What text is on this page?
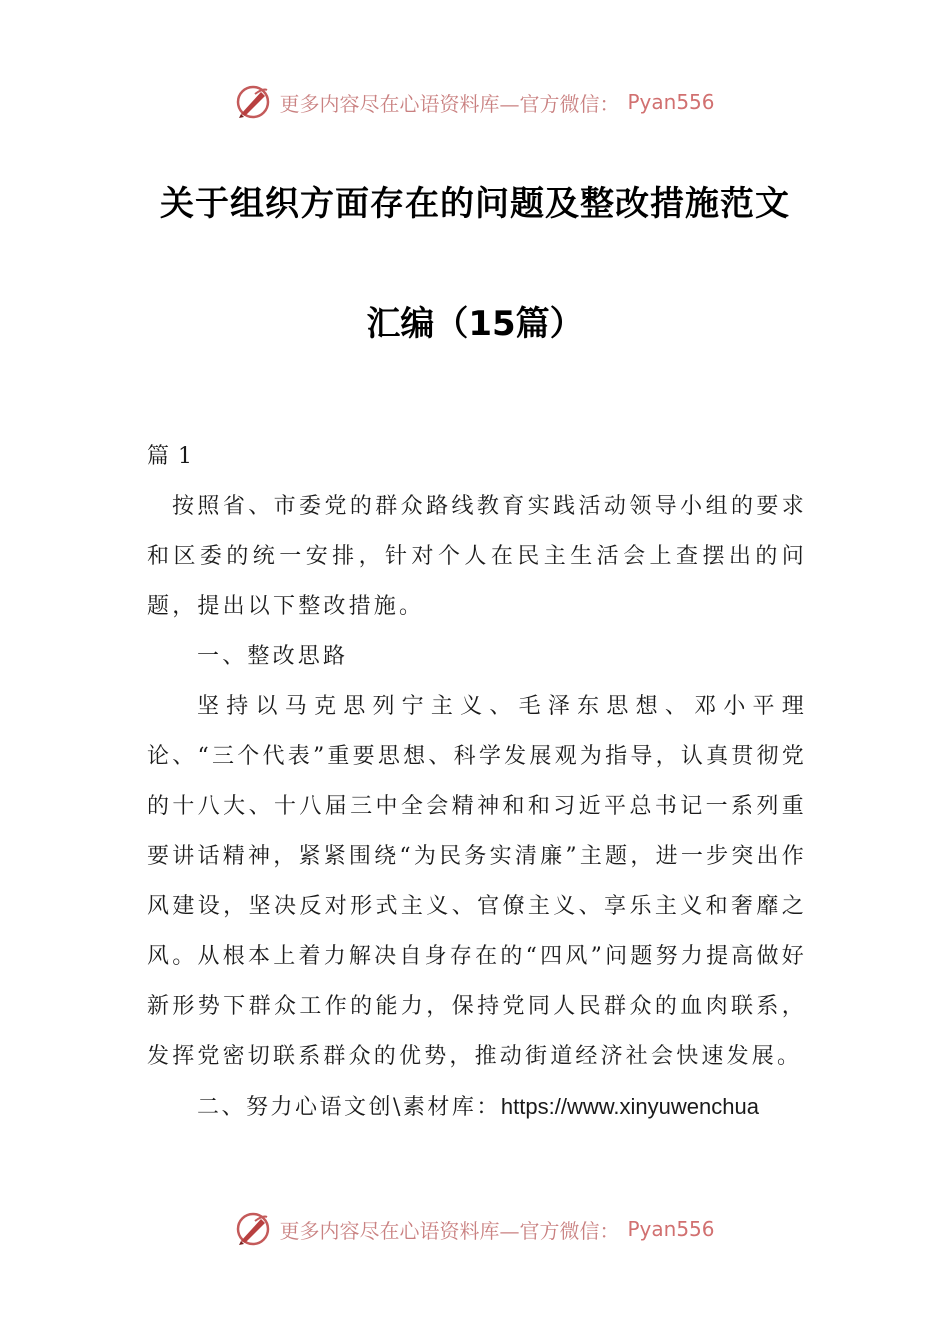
更多内容尽在心语资料库—官方微信： Pyan556
关于组织方面存在的问题及整改措施范文
汇编（15篇）

篇 1

按照省、市委党的群众路线教育实践活动领导小组的要求和区委的统一安排，针对个人在民主生活会上查摆出的问题，提出以下整改措施。

一、整改思路

坚持以马克思列宁主义、毛泽东思想、邓小平理论、“三个代表”重要思想、科学发展观为指导，认真贯彻党的十八大、十八届三中全会精神和和习近平总书记一系列重要讲话精神，紧紧围绕“为民务实清廉”主题，进一步突出作风建设，坚决反对形式主义、官僚主义、享乐主义和奢靡之风。从根本上着力解决自身存在的“四风”问题努力提高做好新形势下群众工作的能力，保持党同人民群众的血肉联系，发挥党密切联系群众的优势，推动街道经济社会快速发展。

二、努力心语文创\素材库：https://www.xinyuwenchua

更多内容尽在心语资料库—官方微信： Pyan556
